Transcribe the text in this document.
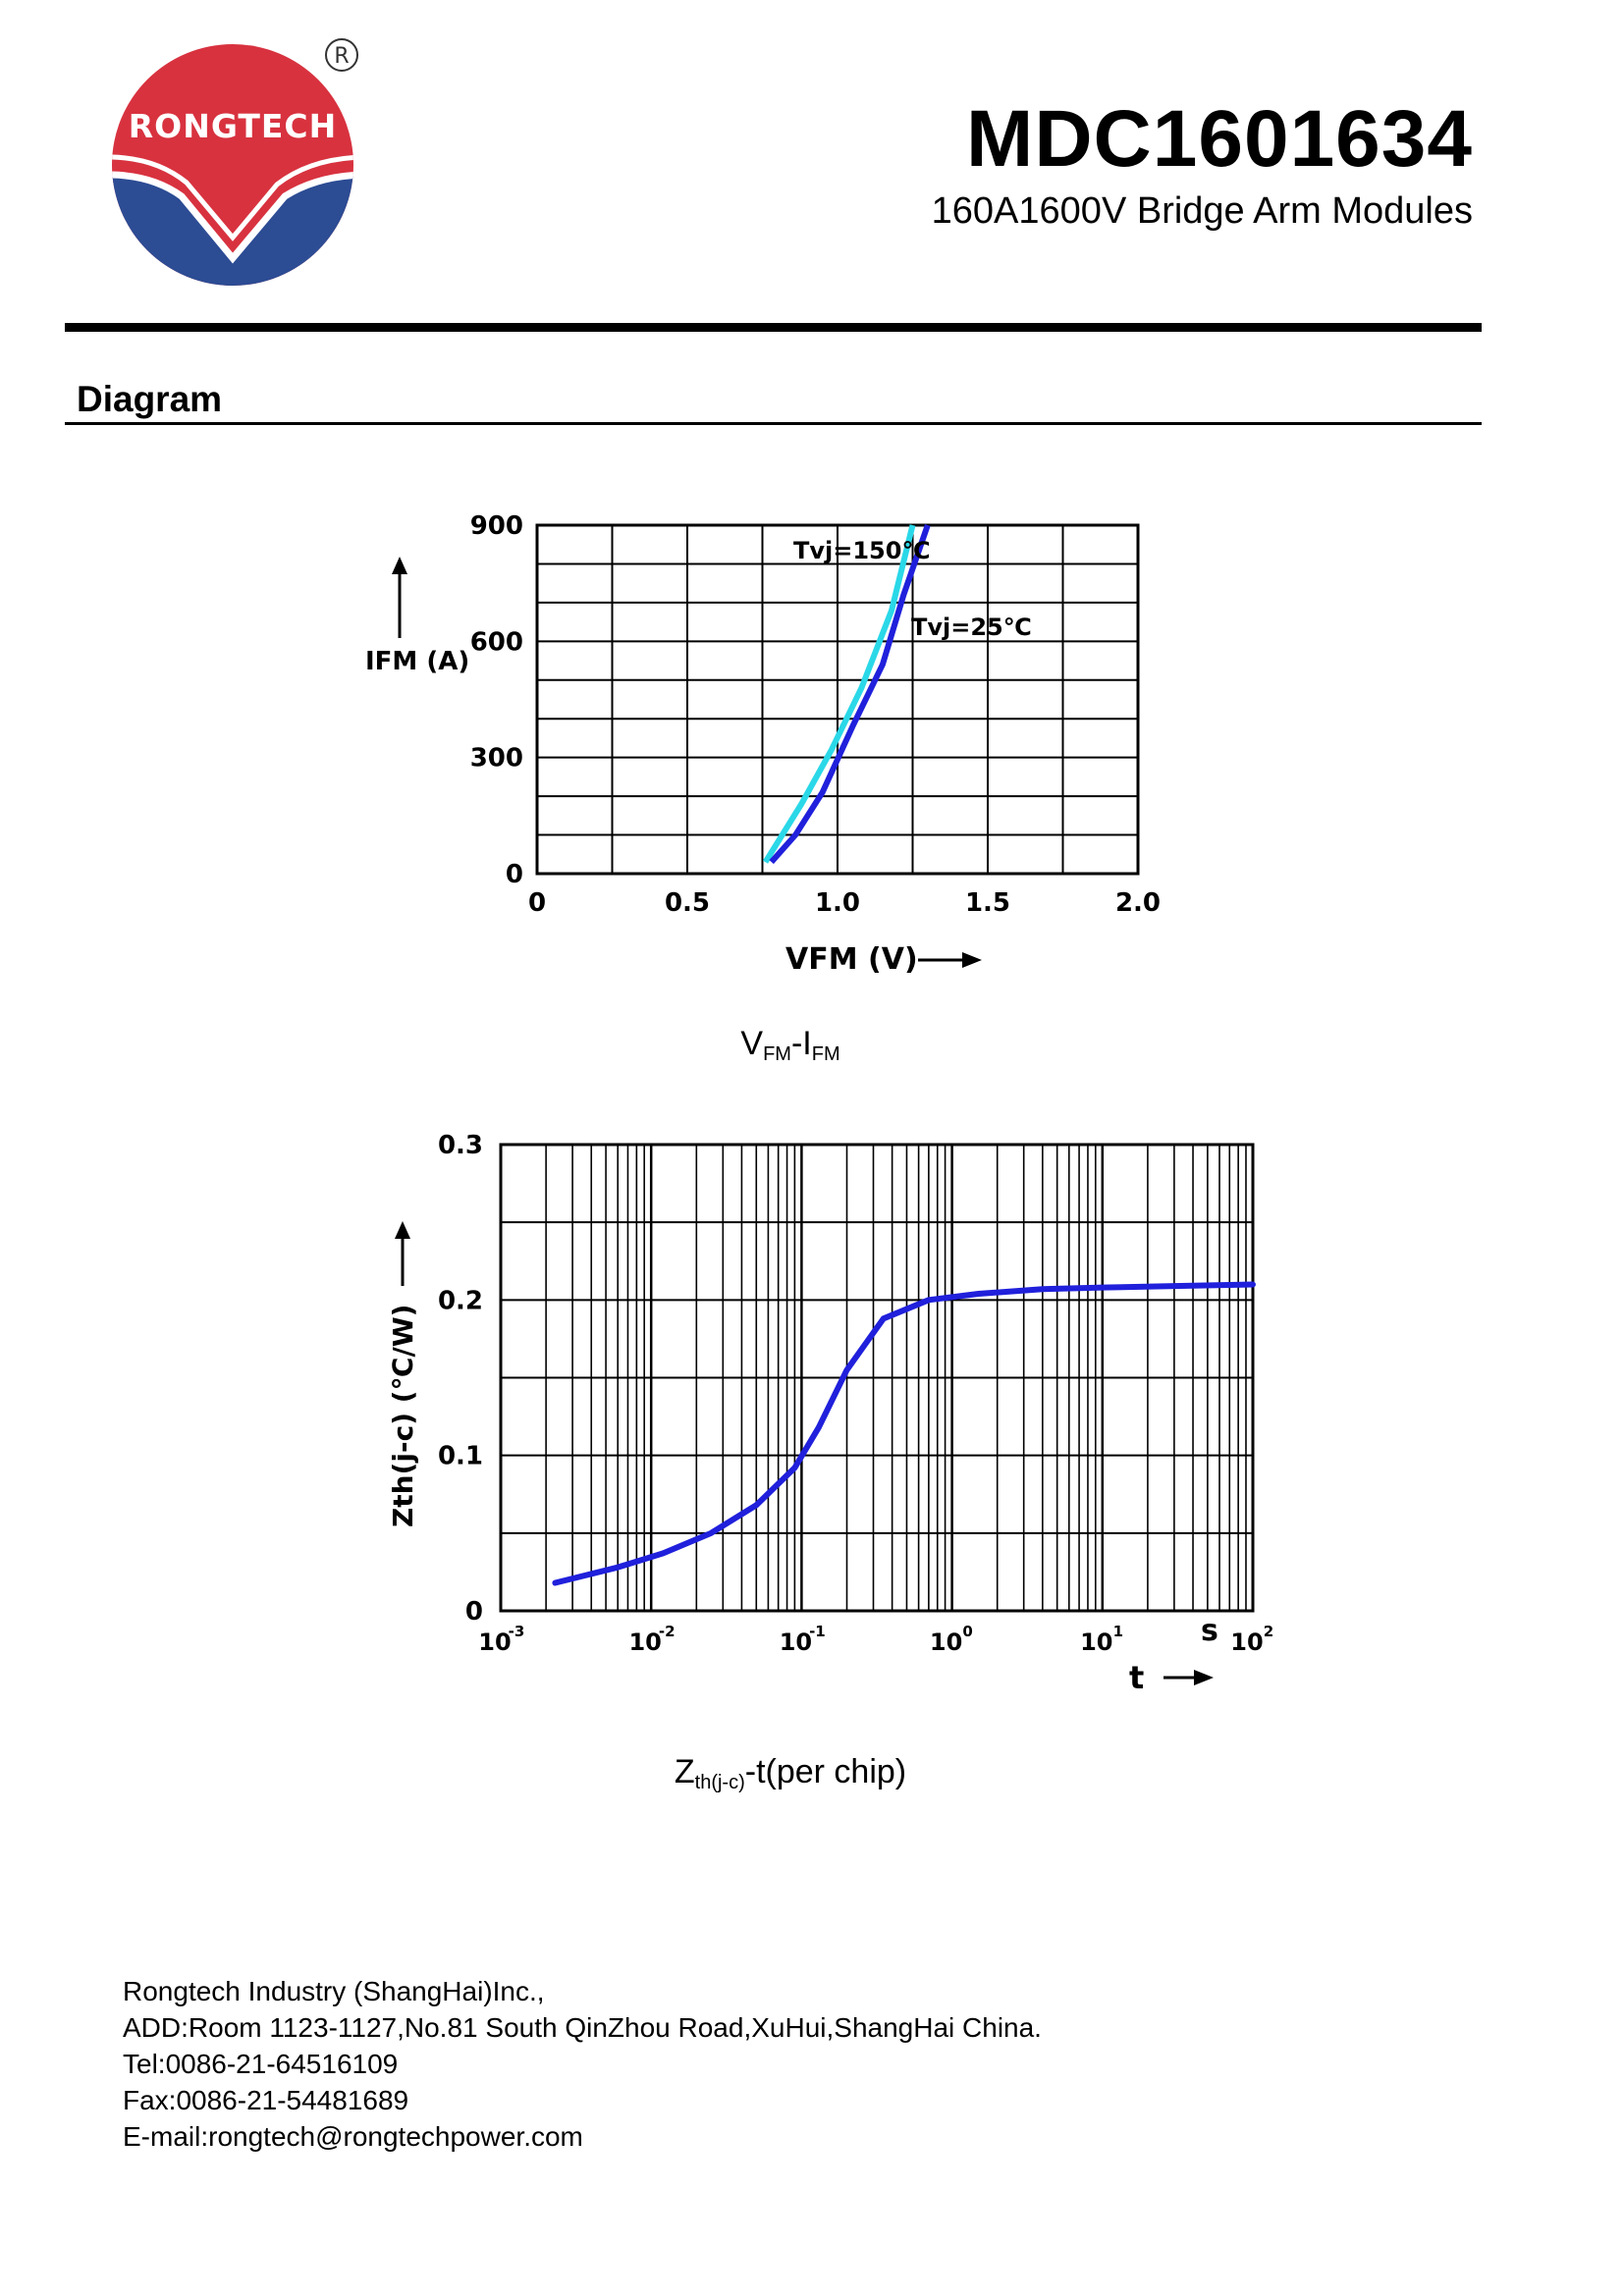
RONGTECH
R
MDC1601634
160A1600V Bridge Arm Modules
Diagram
0	0.5	1.0	1.5	2.0
0
300
600
900
Tvj=150℃
Tvj=25℃
IFM (A)
VFM (V)
$V_{FM}-I_{FM}$
0
0.1
0.2
0.3
10
-3	10
-2	10
-1	10 0	10 1	10 2
s
t
Zth(j-c) (℃/W)
$Z_{th(j-c)}-t(per$ chip)
Rongtech Industry (ShangHai)Inc.,
ADD:Room 1123-1127,No.81 South QinZhou Road,XuHui,ShangHai China.
Tel:0086-21-64516109
Fax:0086-21-54481689
E-mail:rongtech@rongtechpower.com
